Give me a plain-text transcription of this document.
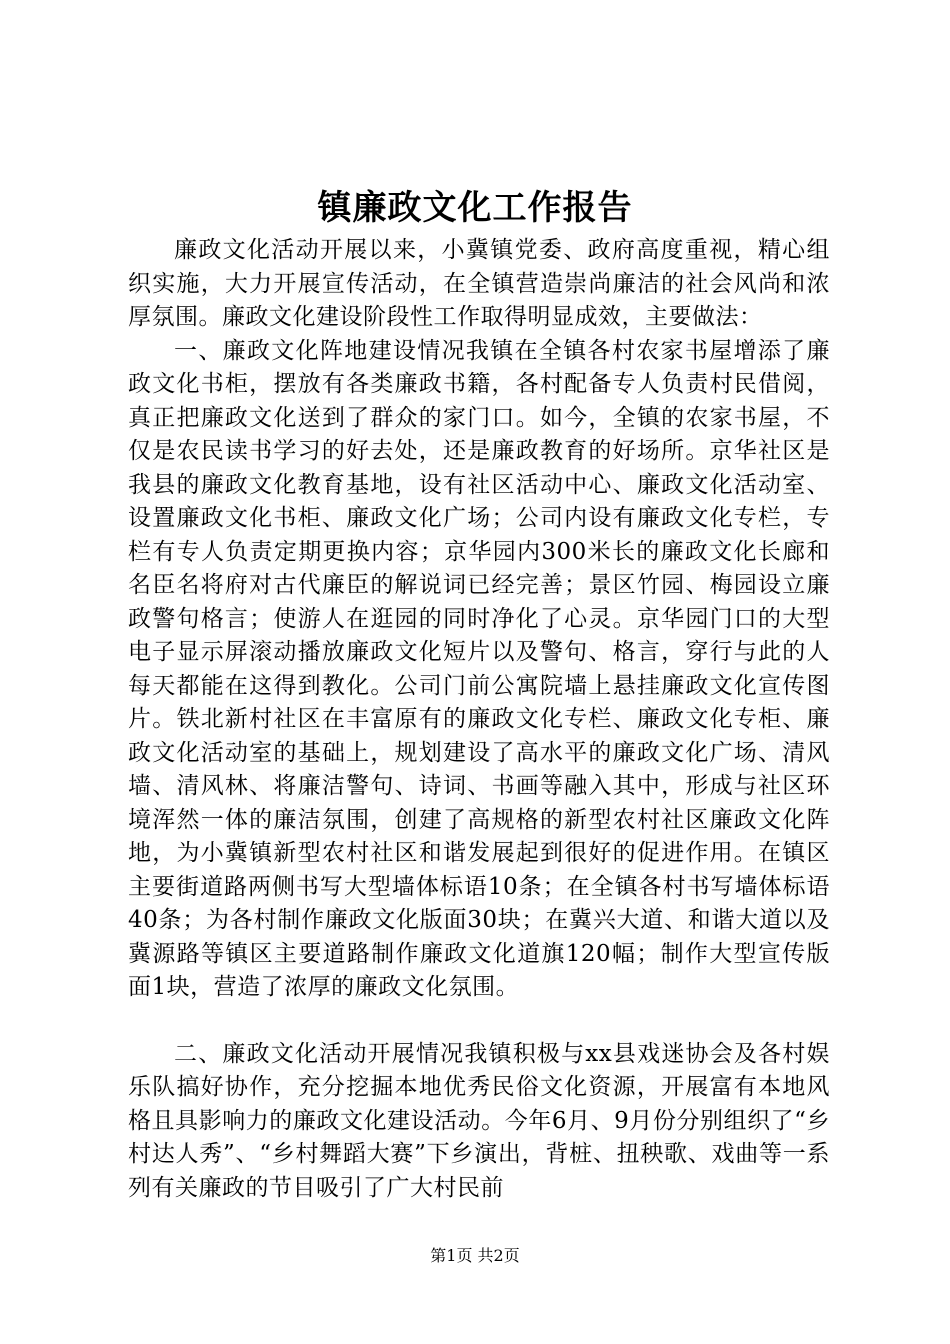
镇廉政文化工作报告

廉政文化活动开展以来，小冀镇党委、政府高度重视，精心组织实施，大力开展宣传活动，在全镇营造崇尚廉洁的社会风尚和浓厚氛围。廉政文化建设阶段性工作取得明显成效，主要做法：

一、廉政文化阵地建设情况我镇在全镇各村农家书屋增添了廉政文化书柜，摆放有各类廉政书籍，各村配备专人负责村民借阅，真正把廉政文化送到了群众的家门口。如今，全镇的农家书屋，不仅是农民读书学习的好去处，还是廉政教育的好场所。京华社区是我县的廉政文化教育基地，设有社区活动中心、廉政文化活动室、设置廉政文化书柜、廉政文化广场；公司内设有廉政文化专栏，专栏有专人负责定期更换内容；京华园内300米长的廉政文化长廊和名臣名将府对古代廉臣的解说词已经完善；景区竹园、梅园设立廉政警句格言；使游人在逛园的同时净化了心灵。京华园门口的大型电子显示屏滚动播放廉政文化短片以及警句、格言，穿行与此的人每天都能在这得到教化。公司门前公寓院墙上悬挂廉政文化宣传图片。铁北新村社区在丰富原有的廉政文化专栏、廉政文化专柜、廉政文化活动室的基础上，规划建设了高水平的廉政文化广场、清风墙、清风林、将廉洁警句、诗词、书画等融入其中，形成与社区环境浑然一体的廉洁氛围，创建了高规格的新型农村社区廉政文化阵地，为小冀镇新型农村社区和谐发展起到很好的促进作用。在镇区主要街道路两侧书写大型墙体标语10条；在全镇各村书写墙体标语40条；为各村制作廉政文化版面30块；在冀兴大道、和谐大道以及冀源路等镇区主要道路制作廉政文化道旗120幅；制作大型宣传版面1块，营造了浓厚的廉政文化氛围。

二、廉政文化活动开展情况我镇积极与xx县戏迷协会及各村娱乐队搞好协作，充分挖掘本地优秀民俗文化资源，开展富有本地风格且具影响力的廉政文化建设活动。今年6月、9月份分别组织了“乡村达人秀”、“乡村舞蹈大赛”下乡演出，背桩、扭秧歌、戏曲等一系列有关廉政的节目吸引了广大村民前

第1页 共2页
